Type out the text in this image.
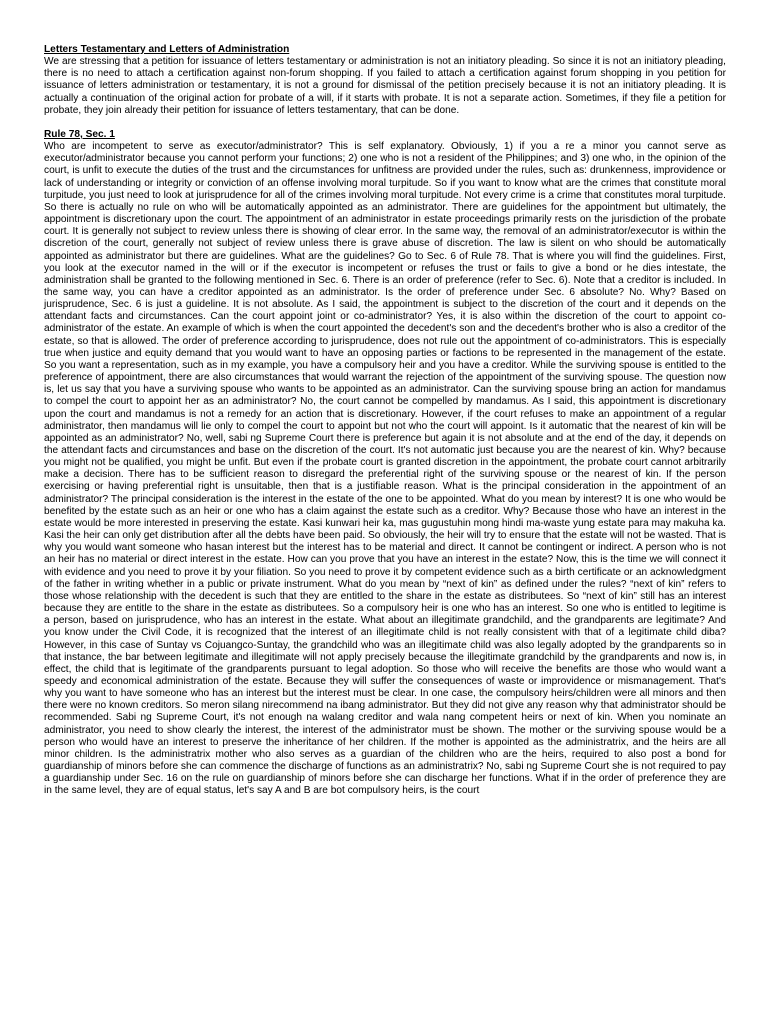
Letters Testamentary and Letters of Administration

We are stressing that a petition for issuance of letters testamentary or administration is not an initiatory pleading. So since it is not an initiatory pleading, there is no need to attach a certification against non-forum shopping. If you failed to attach a certification against forum shopping in you petition for issuance of letters administration or testamentary, it is not a ground for dismissal of the petition precisely because it is not an initiatory pleading. It is actually a continuation of the original action for probate of a will, if it starts with probate. It is not a separate action. Sometimes, if they file a petition for probate, they join already their petition for issuance of letters testamentary, that can be done.

Rule 78, Sec. 1

Who are incompetent to serve as executor/administrator? This is self explanatory. Obviously, 1) if you a re a minor you cannot serve as executor/administrator because you cannot perform your functions; 2) one who is not a resident of the Philippines; and 3) one who, in the opinion of the court, is unfit to execute the duties of the trust and the circumstances for unfitness are provided under the rules, such as: drunkenness, improvidence or lack of understanding or integrity or conviction of an offense involving moral turpitude. So if you want to know what are the crimes that constitute moral turpitude, you just need to look at jurisprudence for all of the crimes involving moral turpitude. Not every crime is a crime that constitutes moral turpitude. So there is actually no rule on who will be automatically appointed as an administrator. There are guidelines for the appointment but ultimately, the appointment is discretionary upon the court. The appointment of an administrator in estate proceedings primarily rests on the jurisdiction of the probate court. It is generally not subject to review unless there is showing of clear error. In the same way, the removal of an administrator/executor is within the discretion of the court, generally not subject of review unless there is grave abuse of discretion. The law is silent on who should be automatically appointed as administrator but there are guidelines. What are the guidelines? Go to Sec. 6 of Rule 78. That is where you will find the guidelines. First, you look at the executor named in the will or if the executor is incompetent or refuses the trust or fails to give a bond or he dies intestate, the administration shall be granted to the following mentioned in Sec. 6. There is an order of preference (refer to Sec. 6). Note that a creditor is included. In the same way, you can have a creditor appointed as an administrator. Is the order of preference under Sec. 6 absolute? No. Why? Based on jurisprudence, Sec. 6 is just a guideline. It is not absolute. As I said, the appointment is subject to the discretion of the court and it depends on the attendant facts and circumstances. Can the court appoint joint or co-administrator? Yes, it is also within the discretion of the court to appoint co-administrator of the estate. An example of which is when the court appointed the decedent's son and the decedent's brother who is also a creditor of the estate, so that is allowed. The order of preference according to jurisprudence, does not rule out the appointment of co-administrators. This is especially true when justice and equity demand that you would want to have an opposing parties or factions to be represented in the management of the estate. So you want a representation, such as in my example, you have a compulsory heir and you have a creditor. While the surviving spouse is entitled to the preference of appointment, there are also circumstances that would warrant the rejection of the appointment of the surviving spouse. The question now is, let us say that you have a surviving spouse who wants to be appointed as an administrator. Can the surviving spouse bring an action for mandamus to compel the court to appoint her as an administrator? No, the court cannot be compelled by mandamus. As I said, this appointment is discretionary upon the court and mandamus is not a remedy for an action that is discretionary. However, if the court refuses to make an appointment of a regular administrator, then mandamus will lie only to compel the court to appoint but not who the court will appoint. Is it automatic that the nearest of kin will be appointed as an administrator? No, well, sabi ng Supreme Court there is preference but again it is not absolute and at the end of the day, it depends on the attendant facts and circumstances and base on the discretion of the court. It's not automatic just because you are the nearest of kin. Why? because you might not be qualified, you might be unfit. But even if the probate court is granted discretion in the appointment, the probate court cannot arbitrarily make a decision. There has to be sufficient reason to disregard the preferential right of the surviving spouse or the nearest of kin. If the person exercising or having preferential right is unsuitable, then that is a justifiable reason. What is the principal consideration in the appointment of an administrator? The principal consideration is the interest in the estate of the one to be appointed. What do you mean by interest? It is one who would be benefited by the estate such as an heir or one who has a claim against the estate such as a creditor. Why? Because those who have an interest in the estate would be more interested in preserving the estate. Kasi kunwari heir ka, mas gugustuhin mong hindi ma-waste yung estate para may makuha ka. Kasi the heir can only get distribution after all the debts have been paid. So obviously, the heir will try to ensure that the estate will not be wasted. That is why you would want someone who hasan interest but the interest has to be material and direct. It cannot be contingent or indirect. A person who is not an heir has no material or direct interest in the estate. How can you prove that you have an interest in the estate? Now, this is the time we will connect it with evidence and you need to prove it by your filiation. So you need to prove it by competent evidence such as a birth certificate or an acknowledgment of the father in writing whether in a public or private instrument. What do you mean by “next of kin” as defined under the rules? “next of kin” refers to those whose relationship with the decedent is such that they are entitled to the share in the estate as distributees. So “next of kin” still has an interest because they are entitle to the share in the estate as distributees. So a compulsory heir is one who has an interest. So one who is entitled to legitime is a person, based on jurisprudence, who has an interest in the estate. What about an illegitimate grandchild, and the grandparents are legitimate? And you know under the Civil Code, it is recognized that the interest of an illegitimate child is not really consistent with that of a legitimate child diba? However, in this case of Suntay vs Cojuangco-Suntay, the grandchild who was an illegitimate child was also legally adopted by the grandparents so in that instance, the bar between legitimate and illegitimate will not apply precisely because the illegitimate grandchild by the grandparents and now is, in effect, the child that is legitimate of the grandparents pursuant to legal adoption. So those who will receive the benefits are those who would want a speedy and economical administration of the estate. Because they will suffer the consequences of waste or improvidence or mismanagement. That's why you want to have someone who has an interest but the interest must be clear. In one case, the compulsory heirs/children were all minors and then there were no known creditors. So meron silang nirecommend na ibang administrator. But they did not give any reason why that administrator should be recommended. Sabi ng Supreme Court, it's not enough na walang creditor and wala nang competent heirs or next of kin. When you nominate an administrator, you need to show clearly the interest, the interest of the administrator must be shown. The mother or the surviving spouse would be a person who would have an interest to preserve the inheritance of her children. If the mother is appointed as the administratrix, and the heirs are all minor children. Is the administratrix mother who also serves as a guardian of the children who are the heirs, required to also post a bond for guardianship of minors before she can commence the discharge of functions as an administratrix? No, sabi ng Supreme Court she is not required to pay a guardianship under Sec. 16 on the rule on guardianship of minors before she can discharge her functions. What if in the order of preference they are in the same level, they are of equal status, let's say A and B are bot compulsory heirs, is the court
